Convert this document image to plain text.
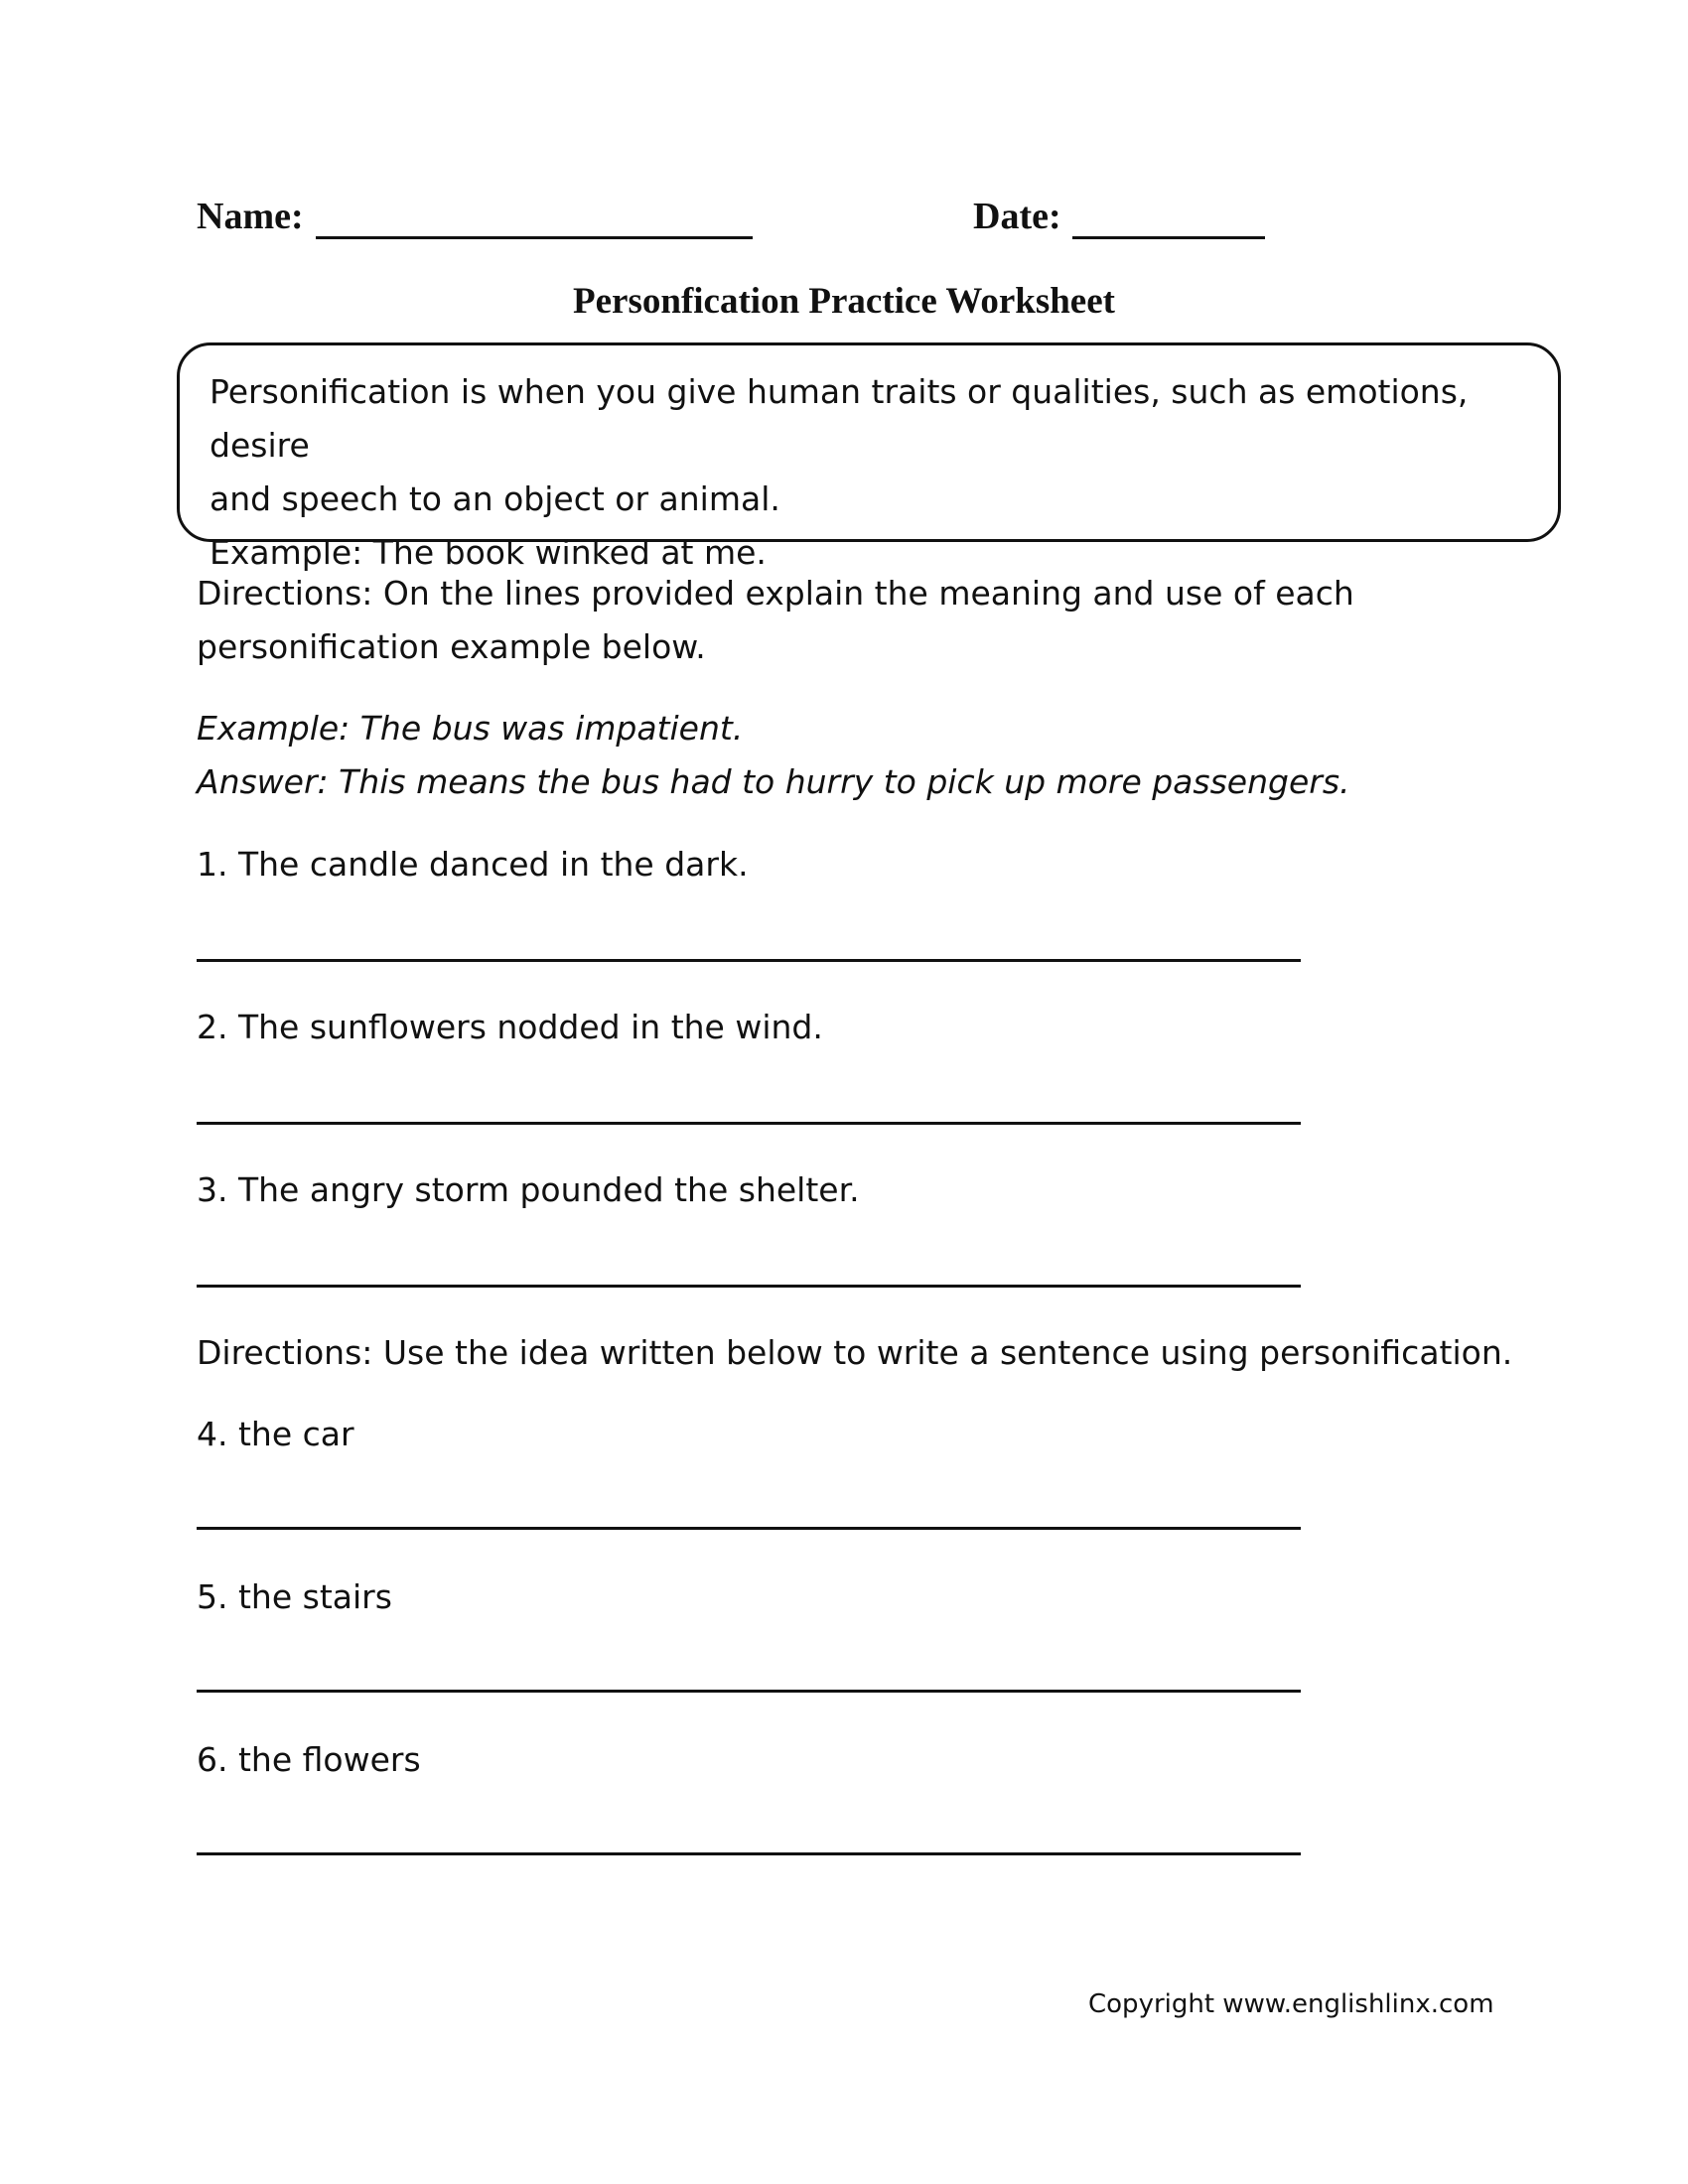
Name:	Date:
Personfication Practice Worksheet
Personification is when you give human traits or qualities, such as emotions, desire
and speech to an object or animal.
Example: The book winked at me.
Directions: On the lines provided explain the meaning and use of each
personification example below.
Example: The bus was impatient.
Answer: This means the bus had to hurry to pick up more passengers.
1. The candle danced in the dark.
2. The sunflowers nodded in the wind.
3. The angry storm pounded the shelter.
Directions: Use the idea written below to write a sentence using personification.
4. the car
5. the stairs
6. the flowers
Copyright www.englishlinx.com
